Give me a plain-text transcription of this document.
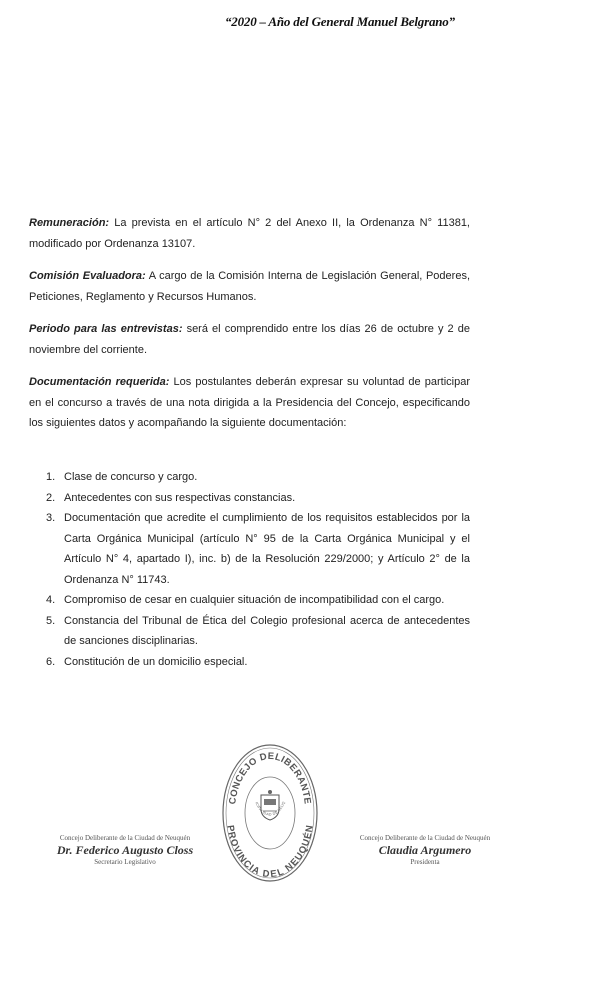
“2020 – Año del General Manuel Belgrano”

Remuneración: La prevista en el artículo N° 2 del Anexo II, la Ordenanza N° 11381, modificado por Ordenanza 13107.

Comisión Evaluadora: A cargo de la Comisión Interna de Legislación General, Poderes, Peticiones, Reglamento y Recursos Humanos.

Periodo para las entrevistas: será el comprendido entre los días 26 de octubre y 2 de noviembre del corriente.

Documentación requerida: Los postulantes deberán expresar su voluntad de participar en el concurso a través de una nota dirigida a la Presidencia del Concejo, especificando los siguientes datos y acompañando la siguiente documentación:

1. Clase de concurso y cargo.
2. Antecedentes con sus respectivas constancias.
3. Documentación que acredite el cumplimiento de los requisitos establecidos por la Carta Orgánica Municipal (artículo N° 95 de la Carta Orgánica Municipal y el Artículo N° 4, apartado I), inc. b) de la Resolución 229/2000; y Artículo 2° de la Ordenanza N° 11743.
4. Compromiso de cesar en cualquier situación de incompatibilidad con el cargo.
5. Constancia del Tribunal de Ética del Colegio profesional acerca de antecedentes de sanciones disciplinarias.
6. Constitución de un domicilio especial.
Concejo Deliberante de la Ciudad de Neuquén
Dr. Federico Augusto Closs
Secretario Legislativo
CONCEJO DELIBERANTE
PROVINCIA DEL NEUQUÉN
ICIPALIDAD DE NEUQ
Concejo Deliberante de la Ciudad de Neuquén
Claudia Argumero
Presidenta
